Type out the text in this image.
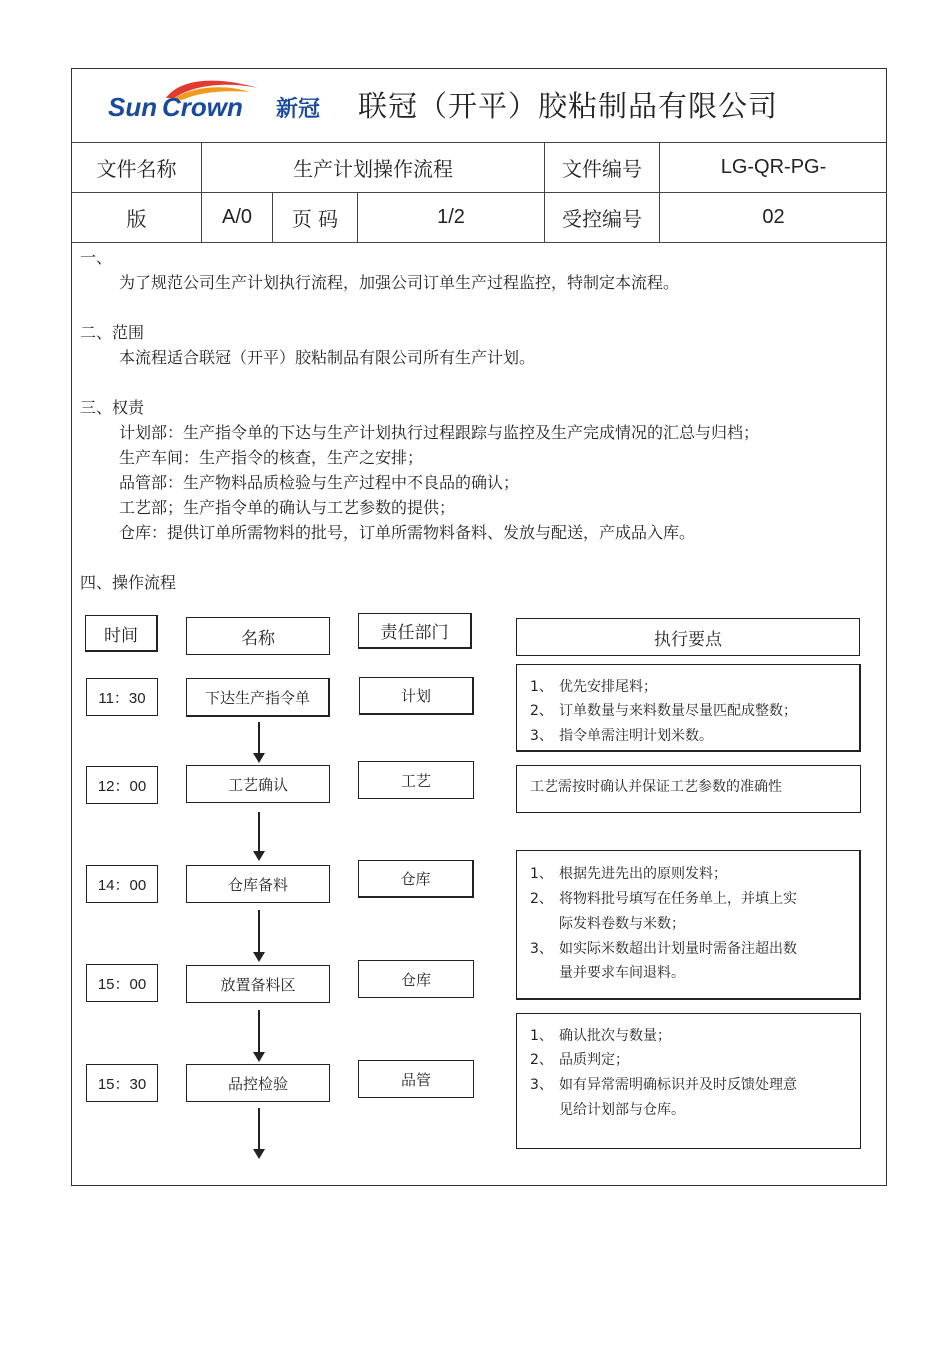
Sun Crown 新冠 联冠（开平）胶粘制品有限公司
文件名称	生产计划操作流程	文件编号	LG-QR-PG-
版	A/0	页 码	1/2	受控编号	02
一、
为了规范公司生产计划执行流程，加强公司订单生产过程监控，特制定本流程。
二、范围
本流程适合联冠（开平）胶粘制品有限公司所有生产计划。
三、权责
计划部：生产指令单的下达与生产计划执行过程跟踪与监控及生产完成情况的汇总与归档；
生产车间：生产指令的核查，生产之安排；
品管部：生产物料品质检验与生产过程中不良品的确认；
工艺部；生产指令单的确认与工艺参数的提供；
仓库：提供订单所需物料的批号，订单所需物料备料、发放与配送，产成品入库。
四、操作流程
时间	名称	责任部门	执行要点
11：30	下达生产指令单	计划	1、 优先安排尾料；
2、 订单数量与来料数量尽量匹配成整数；
3、 指令单需注明计划米数。
12：00	工艺确认	工艺	工艺需按时确认并保证工艺参数的准确性
14：00	仓库备料	仓库	1、 根据先进先出的原则发料；
2、 将物料批号填写在任务单上，并填上实
际发料卷数与米数；
3、 如实际米数超出计划量时需备注超出数
量并要求车间退料。
15：00	放置备料区	仓库
15：30	品控检验	品管
1、 确认批次与数量；
2、 品质判定；
3、 如有异常需明确标识并及时反馈处理意
见给计划部与仓库。
